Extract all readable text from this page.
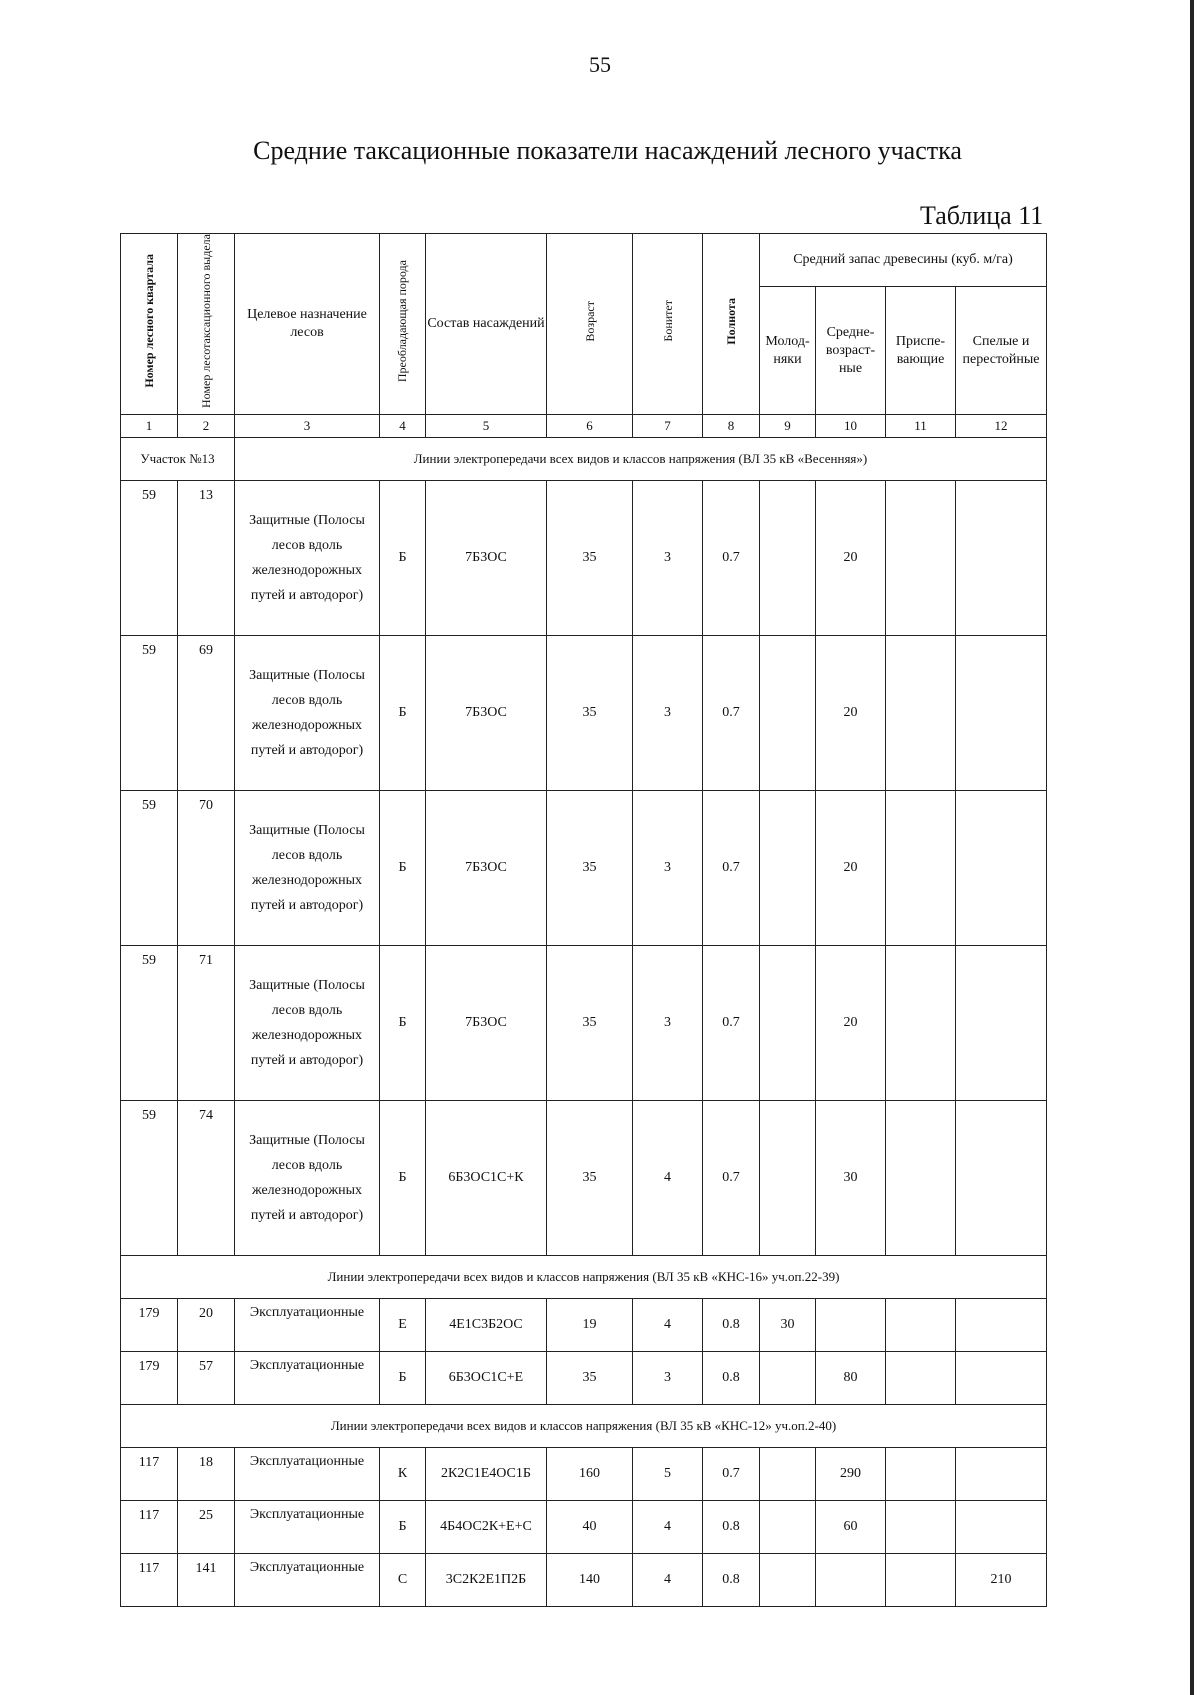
55
Средние таксационные показатели насаждений лесного участка
Таблица 11
Номер лесного квартала	Номер лесотаксационного выдела	Целевое назначение лесов	Преобладающая порода	Состав насаждений	Возраст	Бонитет	Полнота	Средний запас древесины (куб. м/га)			
								Молод-няки	Средне-возраст-ные	Приспе-вающие	Спелые и перестойные
1	2	3	4	5	6	7	8	9	10	11	12
Участок №13		Линии электропередачи всех видов и классов напряжения (ВЛ 35 кВ «Весенняя»)									
59	13	Защитные (Полосы лесов вдоль железнодорожных путей и автодорог)	Б	7Б3ОС	35	3	0.7		20		
59	69	Защитные (Полосы лесов вдоль железнодорожных путей и автодорог)	Б	7Б3ОС	35	3	0.7		20		
59	70	Защитные (Полосы лесов вдоль железнодорожных путей и автодорог)	Б	7Б3ОС	35	3	0.7		20		
59	71	Защитные (Полосы лесов вдоль железнодорожных путей и автодорог)	Б	7Б3ОС	35	3	0.7		20		
59	74	Защитные (Полосы лесов вдоль железнодорожных путей и автодорог)	Б	6Б3ОС1С+К	35	4	0.7		30		
Линии электропередачи всех видов и классов напряжения (ВЛ 35 кВ «КНС-16» уч.оп.22-39)											
179	20	Эксплуатационные	Е	4Е1С3Б2ОС	19	4	0.8	30			
179	57	Эксплуатационные	Б	6Б3ОС1С+Е	35	3	0.8		80		
Линии электропередачи всех видов и классов напряжения (ВЛ 35 кВ «КНС-12» уч.оп.2-40)											
117	18	Эксплуатационные	К	2К2С1Е4ОС1Б	160	5	0.7		290		
117	25	Эксплуатационные	Б	4Б4ОС2К+Е+С	40	4	0.8		60		
117	141	Эксплуатационные	С	3С2К2Е1П2Б	140	4	0.8				210
